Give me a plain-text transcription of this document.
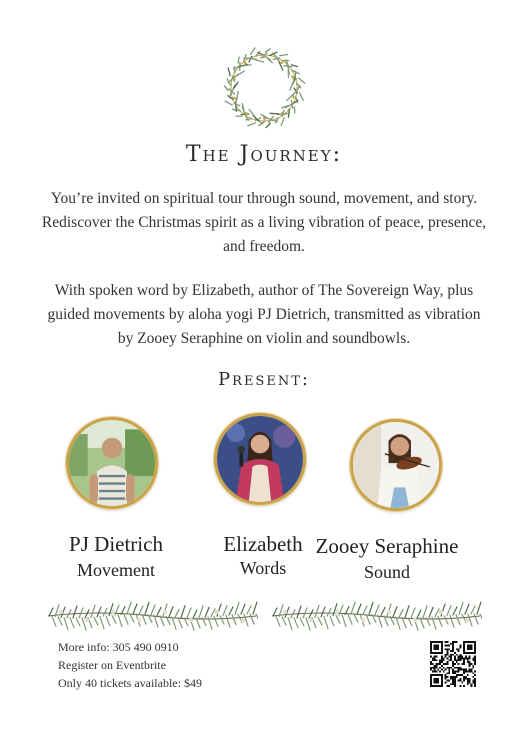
The Journey:

You’re invited on spiritual tour through sound, movement, and story. Rediscover the Christmas spirit as a living vibration of peace, presence, and freedom.

With spoken word by Elizabeth, author of The Sovereign Way, plus guided movements by aloha yogi PJ Dietrich, transmitted as vibration by Zooey Seraphine on violin and soundbowls.

Present:
PJ Dietrich
Movement
Elizabeth
Words
Zooey Seraphine
Sound
More info: 305 490 0910
Register on Eventbrite
Only 40 tickets available: $49
